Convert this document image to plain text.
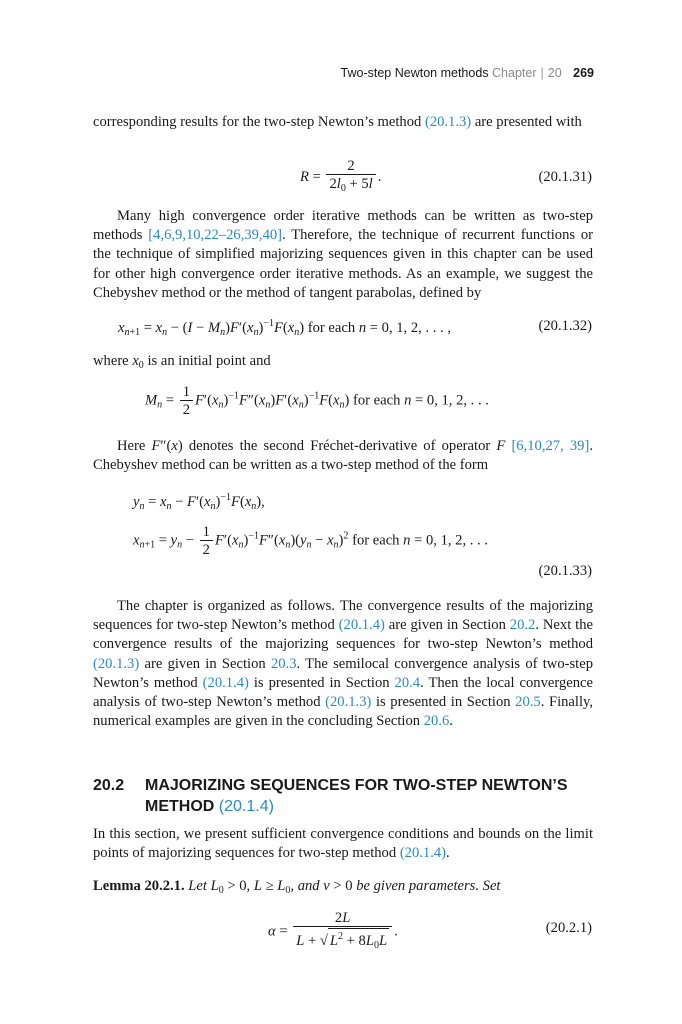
Two-step Newton methods Chapter | 20 269
corresponding results for the two-step Newton’s method (20.1.3) are presented with
$R = \frac{2}{2l_0 + 5l}$ .	(20.1.31)
Many high convergence order iterative methods can be written as two-step methods [4,6,9,10,22–26,39,40]. Therefore, the technique of recurrent functions or the technique of simplified majorizing sequences given in this chapter can be used for other high convergence order iterative methods. As an example, we suggest the Chebyshev method or the method of tangent parabolas, defined by
$x_{n+1} = x_n - (I - M_n)F'(x_n)^{-1}F(x_n)$ for each n = 0, 1, 2, . . . ,	(20.1.32)
where $x_0$ is an initial point and
$M_n = \frac{1}{2} F'(x_n)^{-1}F''(x_n)F'(x_n)^{-1}F(x_n)$ for each n = 0, 1, 2, . . .
Here F″(x) denotes the second Fréchet-derivative of operator F [6,10,27, 39]. Chebyshev method can be written as a two-step method of the form
$y_n = x_n - F'(x_n)^{-1}F(x_n)$,
$x_{n+1} = y_n - \frac{1}{2} F'(x_n)^{-1}F''(x_n)(y_n - x_n)^2$ for each n = 0, 1, 2, . . .
(20.1.33)
The chapter is organized as follows. The convergence results of the majorizing sequences for two-step Newton’s method (20.1.4) are given in Section 20.2. Next the convergence results of the majorizing sequences for two-step Newton’s method (20.1.3) are given in Section 20.3. The semilocal convergence analysis of two-step Newton’s method (20.1.4) is presented in Section 20.4. Then the local convergence analysis of two-step Newton’s method (20.1.3) is presented in Section 20.5. Finally, numerical examples are given in the concluding Section 20.6.
20.2 MAJORIZING SEQUENCES FOR TWO-STEP NEWTON’S METHOD (20.1.4)
In this section, we present sufficient convergence conditions and bounds on the limit points of majorizing sequences for two-step method (20.1.4).
Lemma 20.2.1. Let $L_0 > 0$, $L \ge L_0$, and v > 0 be given parameters. Set
$\alpha = \frac{2L}{L + √ L^2 + 8L_0L}$ .	(20.2.1)
